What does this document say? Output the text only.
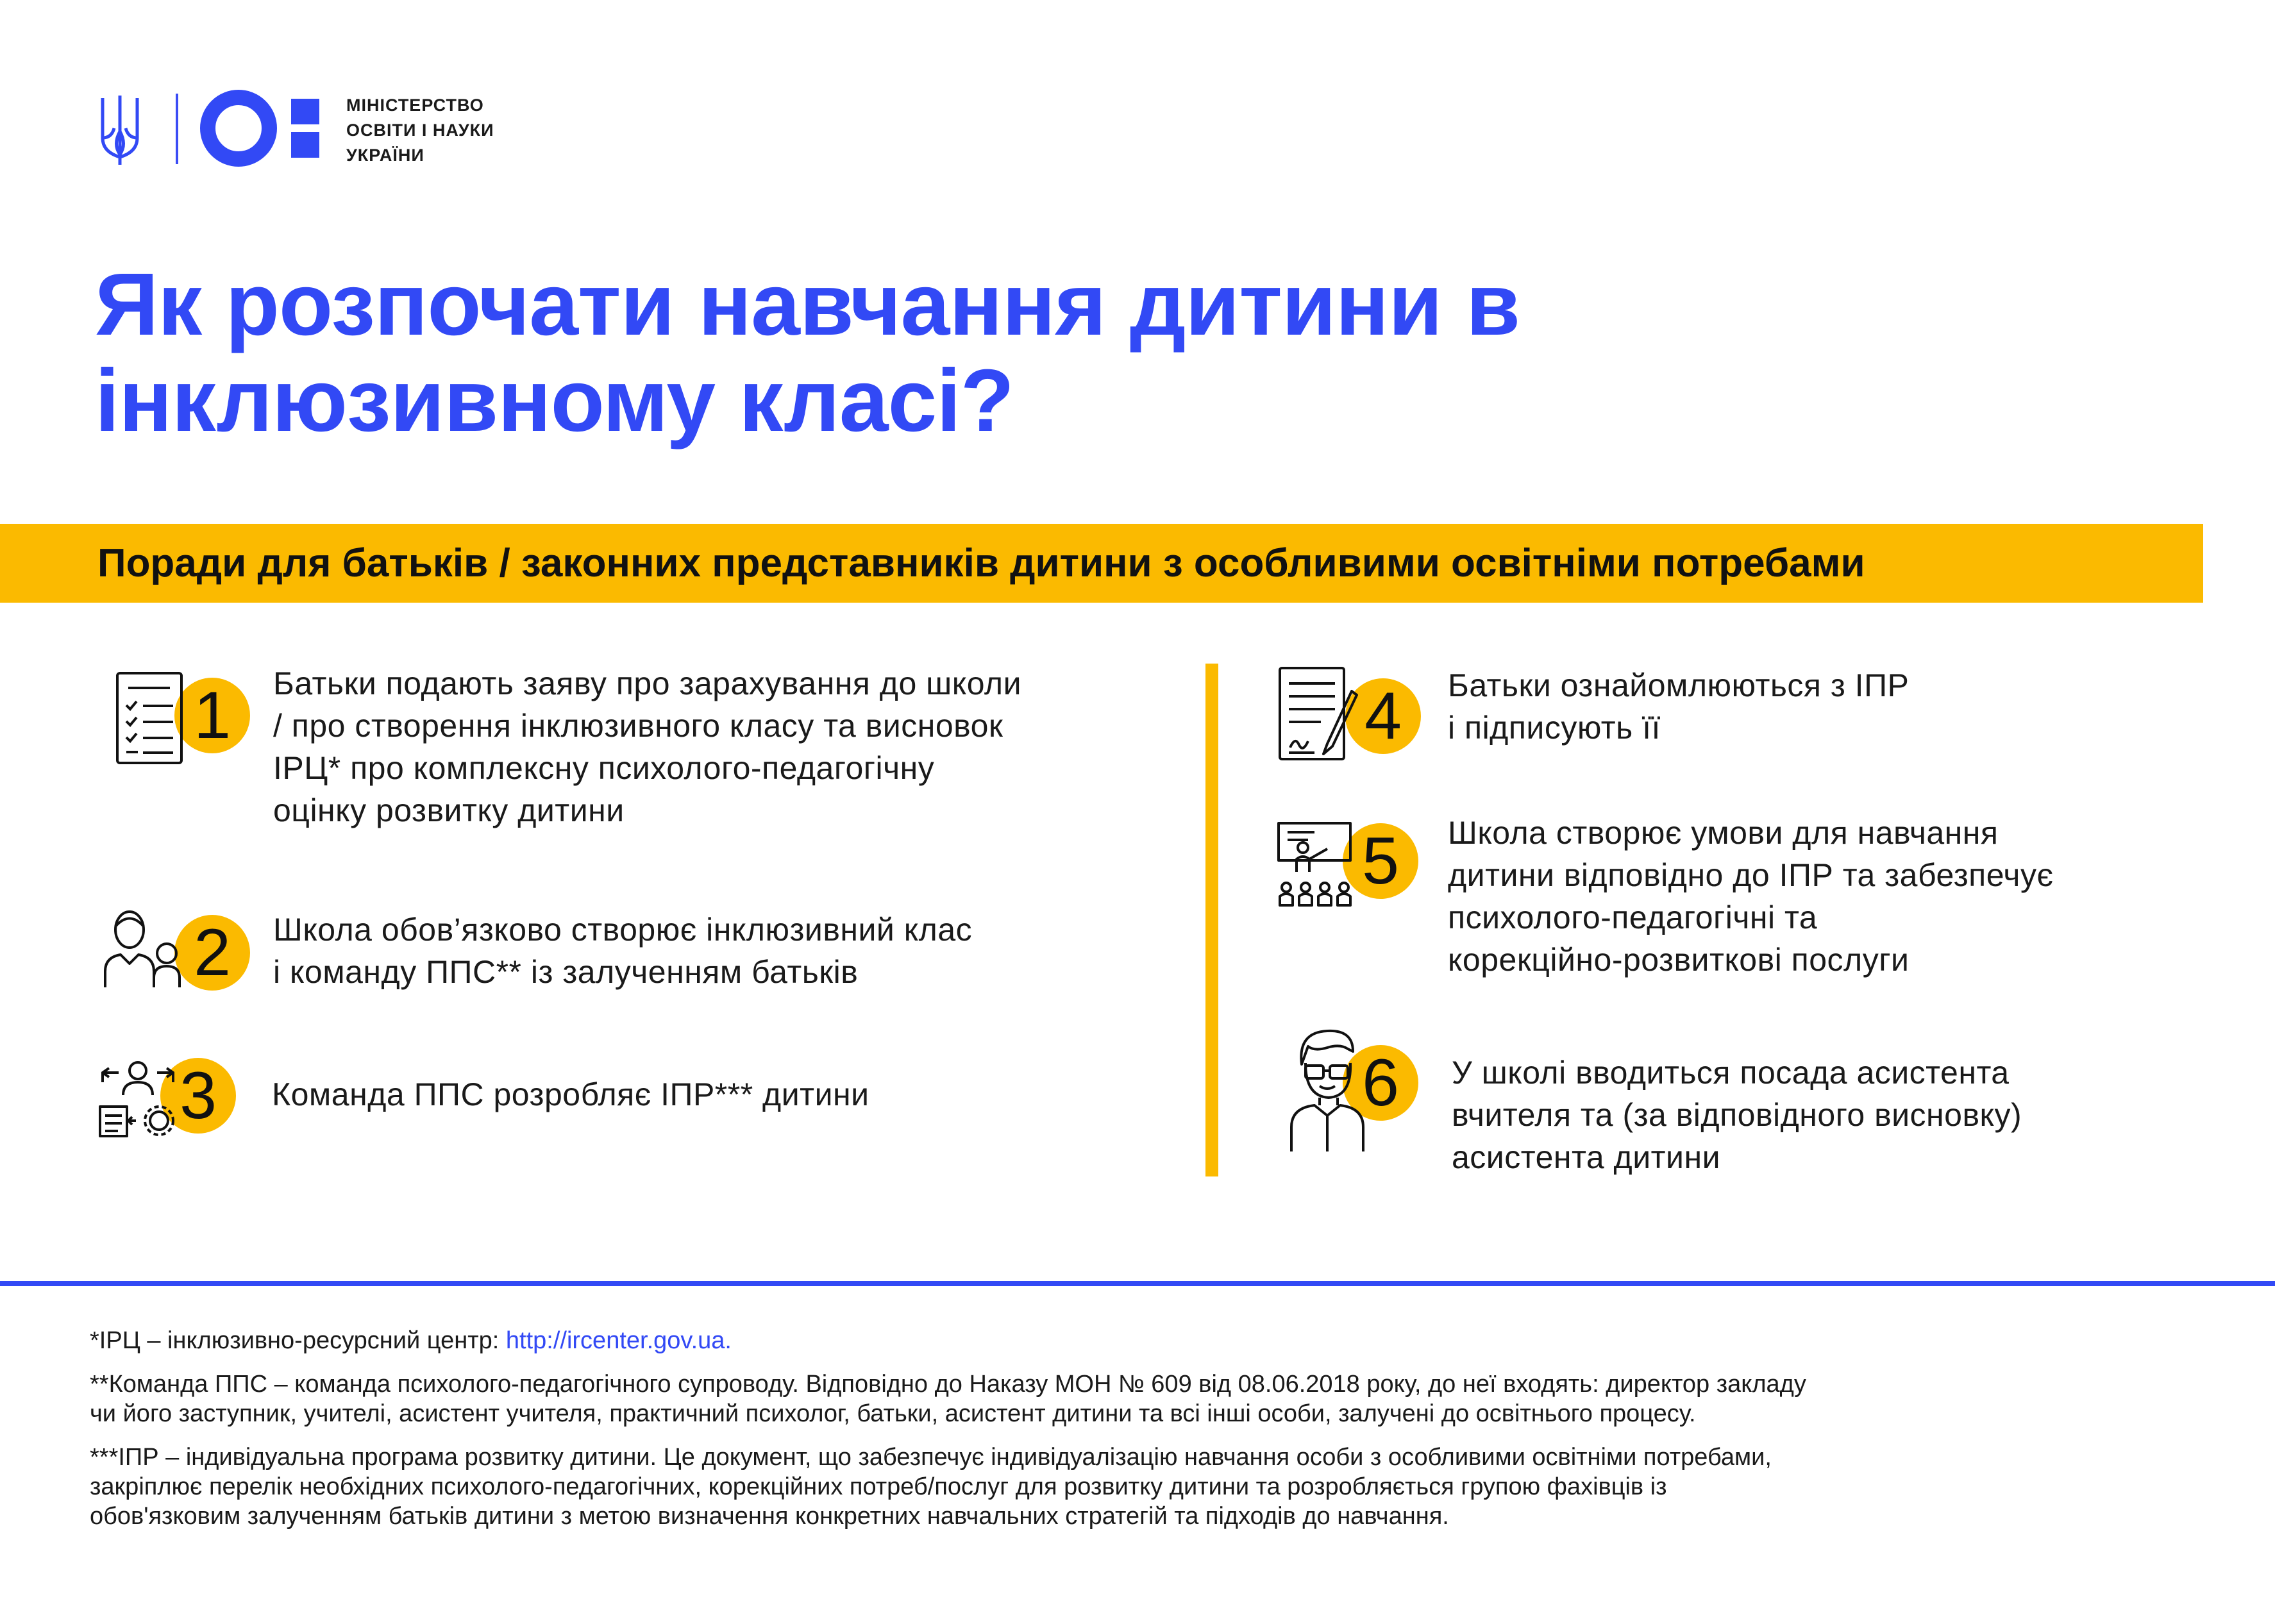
МІНІСТЕРСТВО
ОСВІТИ І НАУКИ
УКРАЇНИ
Як розпочати навчання дитини в
інклюзивному класі?
Поради для батьків / законних представників дитини з особливими освітніми потребами
1	Батьки подають заяву про зарахування до школи
/ про створення інклюзивного класу та висновок
ІРЦ* про комплексну психолого-педагогічну
оцінку розвитку дитини
2	Школа обов’язково створює інклюзивний клас
і команду ППС** із залученням батьків
3	Команда ППС розробляє ІПР*** дитини
4	Батьки ознайомлюються з ІПР
і підписують її
5	Школа створює умови для навчання
дитини відповідно до ІПР та забезпечує
психолого-педагогічні та
корекційно-розвиткові послуги
6	У школі вводиться посада асистента
вчителя та (за відповідного висновку)
асистента дитини
*ІРЦ – інклюзивно-ресурсний центр: http://ircenter.gov.ua.
**Команда ППС – команда психолого-педагогічного супроводу. Відповідно до Наказу МОН № 609 від 08.06.2018 року, до неї входять: директор закладу
чи його заступник, учителі, асистент учителя, практичний психолог, батьки, асистент дитини та всі інші особи, залучені до освітнього процесу.
***ІПР – індивідуальна програма розвитку дитини. Це документ, що забезпечує індивідуалізацію навчання особи з особливими освітніми потребами,
закріплює перелік необхідних психолого-педагогічних, корекційних потреб/послуг для розвитку дитини та розробляється групою фахівців із
обов'язковим залученням батьків дитини з метою визначення конкретних навчальних стратегій та підходів до навчання.
